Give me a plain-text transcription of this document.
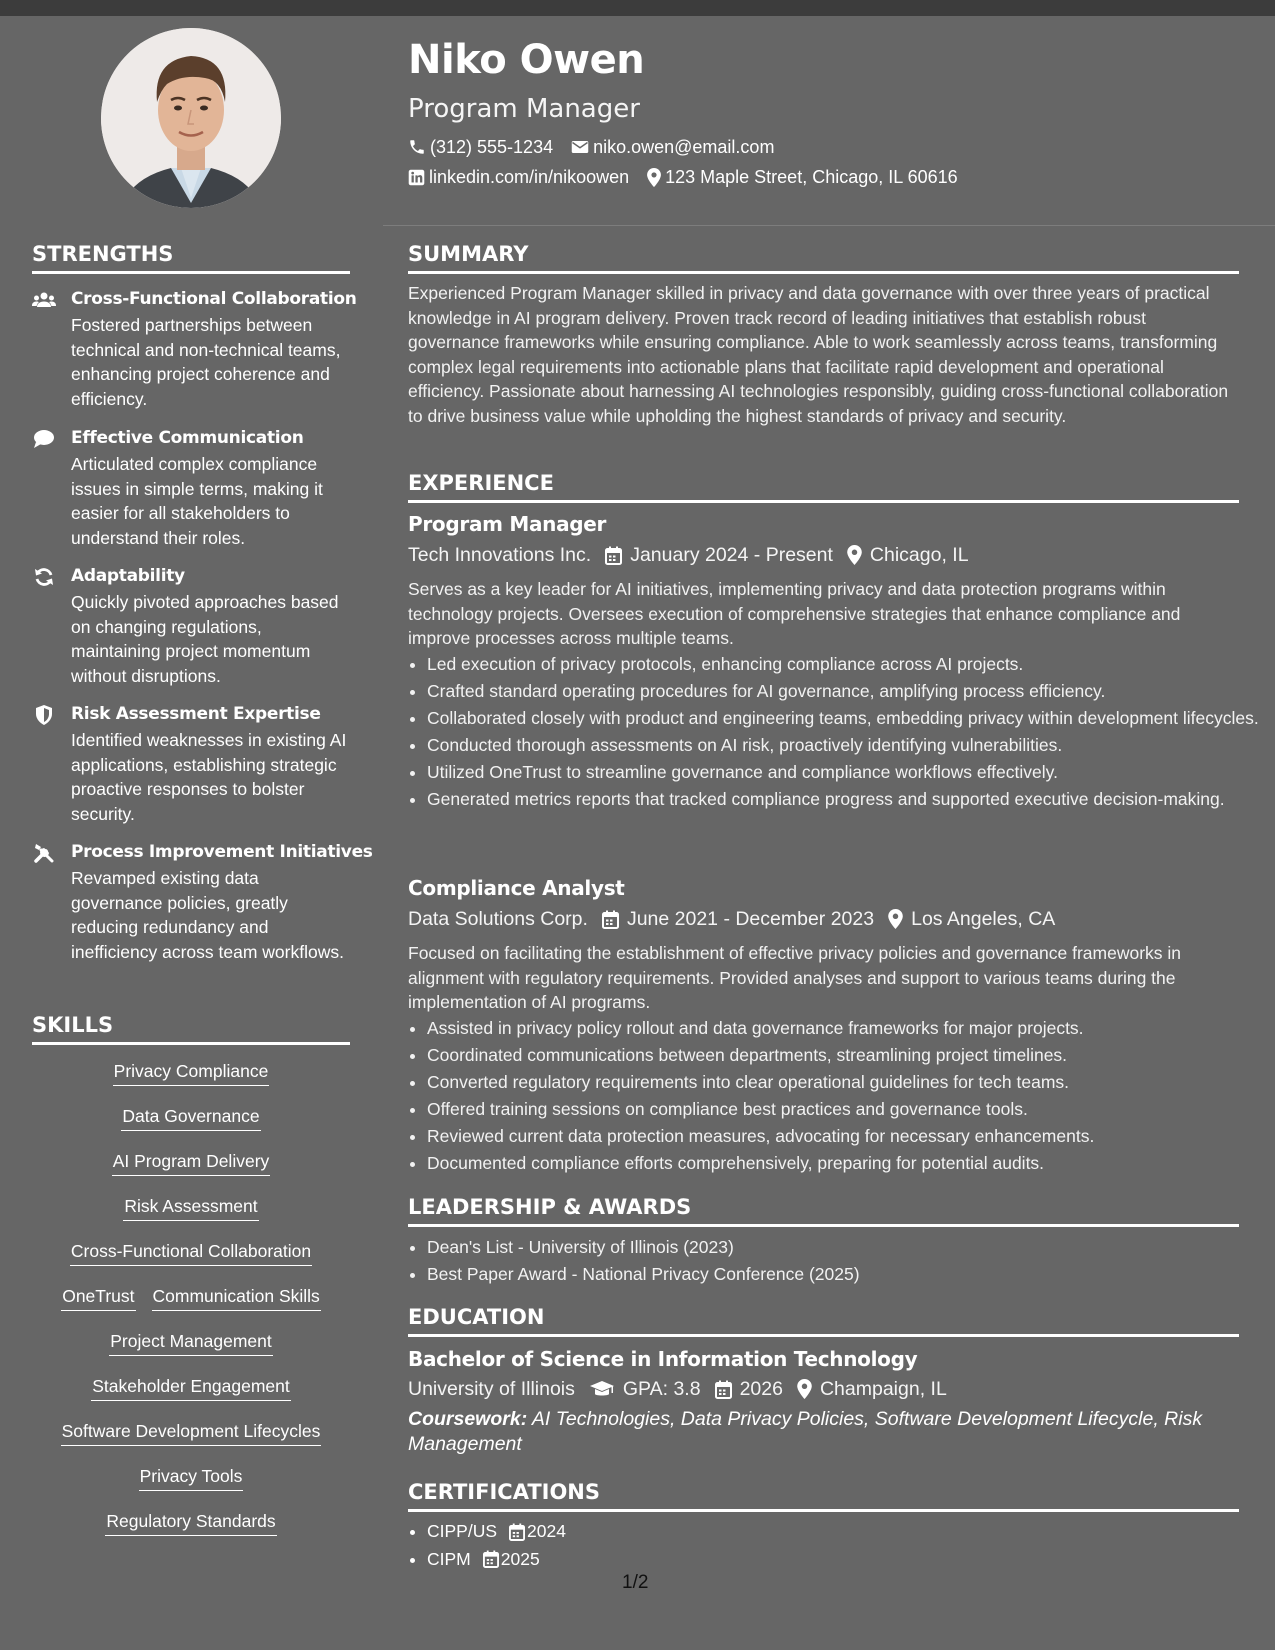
Niko Owen
Program Manager
(312) 555-1234 niko.owen@email.com
linkedin.com/in/nikoowen 123 Maple Street, Chicago, IL 60616
STRENGTHS
Cross-Functional Collaboration
Fostered partnerships between technical and non-technical teams, enhancing project coherence and efficiency.
Effective Communication
Articulated complex compliance issues in simple terms, making it easier for all stakeholders to understand their roles.
Adaptability
Quickly pivoted approaches based on changing regulations, maintaining project momentum without disruptions.
Risk Assessment Expertise
Identified weaknesses in existing AI applications, establishing strategic proactive responses to bolster security.
Process Improvement Initiatives
Revamped existing data governance policies, greatly reducing redundancy and inefficiency across team workflows.
SKILLS
Privacy Compliance
Data Governance
AI Program Delivery
Risk Assessment
Cross-Functional Collaboration
OneTrust Communication Skills
Project Management
Stakeholder Engagement
Software Development Lifecycles
Privacy Tools
Regulatory Standards
SUMMARY
Experienced Program Manager skilled in privacy and data governance with over three years of practical knowledge in AI program delivery. Proven track record of leading initiatives that establish robust governance frameworks while ensuring compliance. Able to work seamlessly across teams, transforming complex legal requirements into actionable plans that facilitate rapid development and operational efficiency. Passionate about harnessing AI technologies responsibly, guiding cross-functional collaboration to drive business value while upholding the highest standards of privacy and security.
EXPERIENCE
Program Manager
Tech Innovations Inc. January 2024 - Present Chicago, IL
Serves as a key leader for AI initiatives, implementing privacy and data protection programs within technology projects. Oversees execution of comprehensive strategies that enhance compliance and improve processes across multiple teams.
• Led execution of privacy protocols, enhancing compliance across AI projects.
• Crafted standard operating procedures for AI governance, amplifying process efficiency.
• Collaborated closely with product and engineering teams, embedding privacy within development lifecycles.
• Conducted thorough assessments on AI risk, proactively identifying vulnerabilities.
• Utilized OneTrust to streamline governance and compliance workflows effectively.
• Generated metrics reports that tracked compliance progress and supported executive decision-making.
Compliance Analyst
Data Solutions Corp. June 2021 - December 2023 Los Angeles, CA
Focused on facilitating the establishment of effective privacy policies and governance frameworks in alignment with regulatory requirements. Provided analyses and support to various teams during the implementation of AI programs.
• Assisted in privacy policy rollout and data governance frameworks for major projects.
• Coordinated communications between departments, streamlining project timelines.
• Converted regulatory requirements into clear operational guidelines for tech teams.
• Offered training sessions on compliance best practices and governance tools.
• Reviewed current data protection measures, advocating for necessary enhancements.
• Documented compliance efforts comprehensively, preparing for potential audits.
LEADERSHIP & AWARDS
• Dean's List - University of Illinois (2023)
• Best Paper Award - National Privacy Conference (2025)
EDUCATION
Bachelor of Science in Information Technology
University of Illinois GPA: 3.8 2026 Champaign, IL
Coursework: AI Technologies, Data Privacy Policies, Software Development Lifecycle, Risk Management
CERTIFICATIONS
• CIPP/US 2024
• CIPM 2025
1/2
